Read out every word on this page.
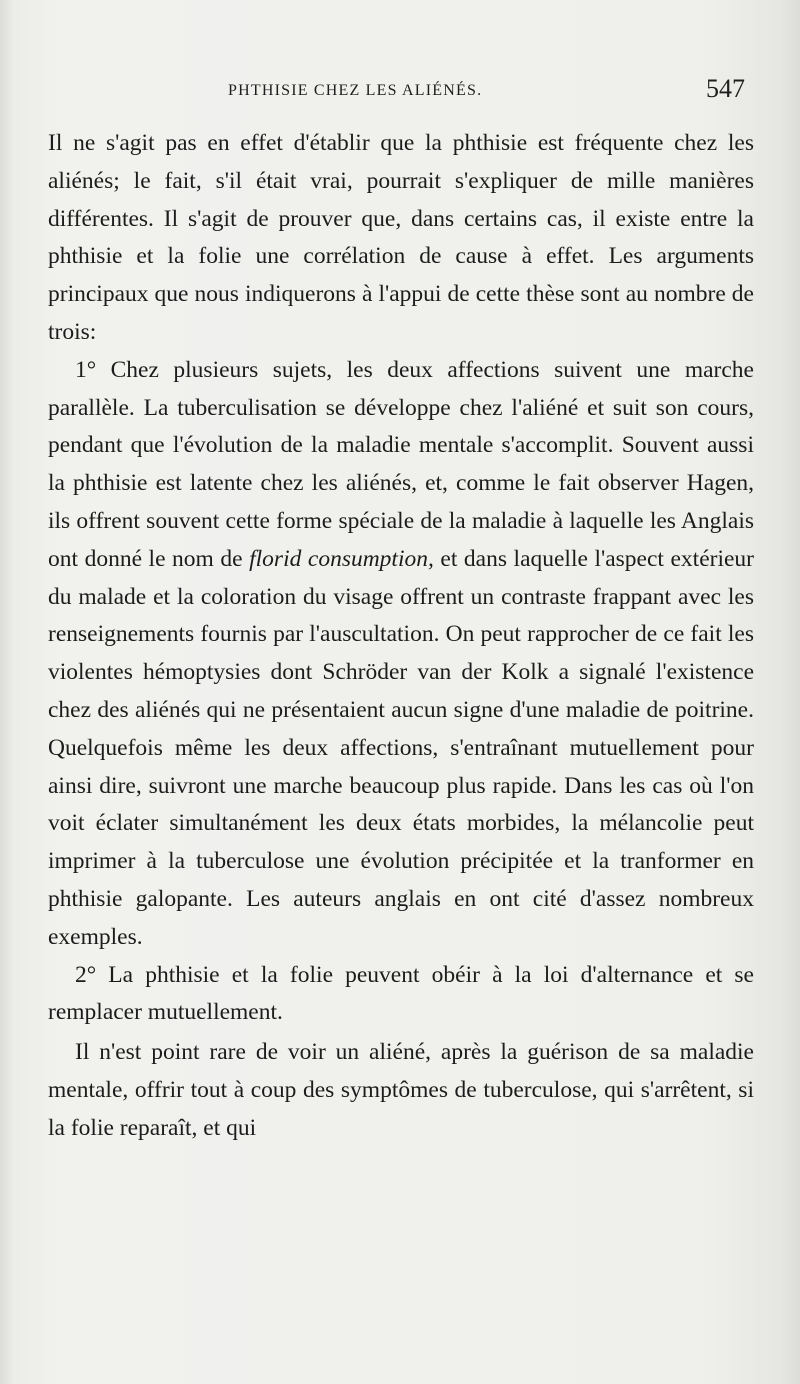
PHTHISIE CHEZ LES ALIÉNÉS.	547

Il ne s'agit pas en effet d'établir que la phthisie est fréquente chez les aliénés; le fait, s'il était vrai, pourrait s'expliquer de mille manières différentes. Il s'agit de prouver que, dans certains cas, il existe entre la phthisie et la folie une corrélation de cause à effet. Les arguments principaux que nous indiquerons à l'appui de cette thèse sont au nombre de trois:

1° Chez plusieurs sujets, les deux affections suivent une marche parallèle. La tuberculisation se développe chez l'aliéné et suit son cours, pendant que l'évolution de la maladie mentale s'accomplit. Souvent aussi la phthisie est latente chez les aliénés, et, comme le fait observer Hagen, ils offrent souvent cette forme spéciale de la maladie à laquelle les Anglais ont donné le nom de florid consumption, et dans laquelle l'aspect extérieur du malade et la coloration du visage offrent un contraste frappant avec les renseignements fournis par l'auscultation. On peut rapprocher de ce fait les violentes hémoptysies dont Schröder van der Kolk a signalé l'existence chez des aliénés qui ne présentaient aucun signe d'une maladie de poitrine. Quelquefois même les deux affections, s'entraînant mutuellement pour ainsi dire, suivront une marche beaucoup plus rapide. Dans les cas où l'on voit éclater simultanément les deux états morbides, la mélancolie peut imprimer à la tuberculose une évolution précipitée et la tranformer en phthisie galopante. Les auteurs anglais en ont cité d'assez nombreux exemples.

2° La phthisie et la folie peuvent obéir à la loi d'alternance et se remplacer mutuellement.

Il n'est point rare de voir un aliéné, après la guérison de sa maladie mentale, offrir tout à coup des symptômes de tuberculose, qui s'arrêtent, si la folie reparaît, et qui
